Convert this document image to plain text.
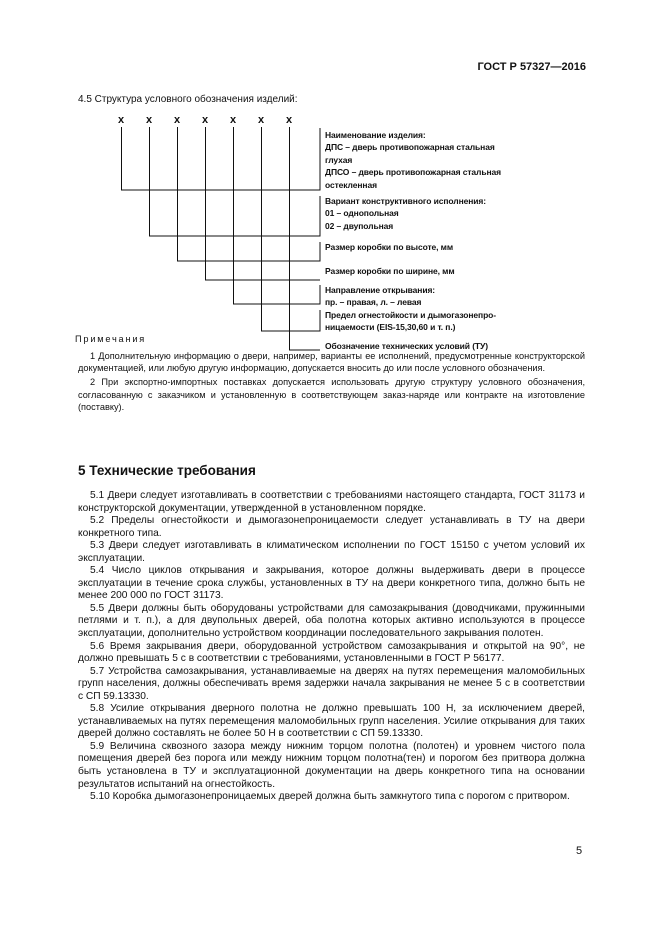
ГОСТ Р 57327—2016
4.5 Структура условного обозначения изделий:
x x x x x x x
Наименование изделия:
ДПС – дверь противопожарная стальная
глухая
ДПСО – дверь противопожарная стальная
остекленная
Вариант конструктивного исполнения:
01 – однопольная
02 – двупольная
Размер коробки по высоте, мм
Размер коробки по ширине, мм
Направление открывания:
пр. – правая, л. – левая
Предел огнестойкости и дымогазонепро-
ницаемости (EIS-15,30,60 и т. п.)
Обозначение технических условий (ТУ)
Примечания

1 Дополнительную информацию о двери, например, варианты ее исполнений, предусмотренные конструкторской документацией, или любую другую информацию, допускается вносить до или после условного обозначения.

2 При экспортно-импортных поставках допускается использовать другую структуру условного обозначения, согласованную с заказчиком и установленную в соответствующем заказ-наряде или контракте на изготовление (поставку).

5 Технические требования

5.1 Двери следует изготавливать в соответствии с требованиями настоящего стандарта, ГОСТ 31173 и конструкторской документации, утвержденной в установленном порядке.

5.2 Пределы огнестойкости и дымогазонепроницаемости следует устанавливать в ТУ на двери конкретного типа.

5.3 Двери следует изготавливать в климатическом исполнении по ГОСТ 15150 с учетом условий их эксплуатации.

5.4 Число циклов открывания и закрывания, которое должны выдерживать двери в процессе эксплуатации в течение срока службы, установленных в ТУ на двери конкретного типа, должно быть не менее 200 000 по ГОСТ 31173.

5.5 Двери должны быть оборудованы устройствами для самозакрывания (доводчиками, пружинными петлями и т. п.), а для двупольных дверей, оба полотна которых активно используются в процессе эксплуатации, дополнительно устройством координации последовательного закрывания полотен.

5.6 Время закрывания двери, оборудованной устройством самозакрывания и открытой на 90°, не должно превышать 5 с в соответствии с требованиями, установленными в ГОСТ Р 56177.

5.7 Устройства самозакрывания, устанавливаемые на дверях на путях перемещения маломобильных групп населения, должны обеспечивать время задержки начала закрывания не менее 5 с в соответствии с СП 59.13330.

5.8 Усилие открывания дверного полотна не должно превышать 100 Н, за исключением дверей, устанавливаемых на путях перемещения маломобильных групп населения. Усилие открывания для таких дверей должно составлять не более 50 Н в соответствии с СП 59.13330.

5.9 Величина сквозного зазора между нижним торцом полотна (полотен) и уровнем чистого пола помещения дверей без порога или между нижним торцом полотна(тен) и порогом без притвора должна быть установлена в ТУ и эксплуатационной документации на дверь конкретного типа на основании результатов испытаний на огнестойкость.

5.10 Коробка дымогазонепроницаемых дверей должна быть замкнутого типа с порогом с притвором.

5
